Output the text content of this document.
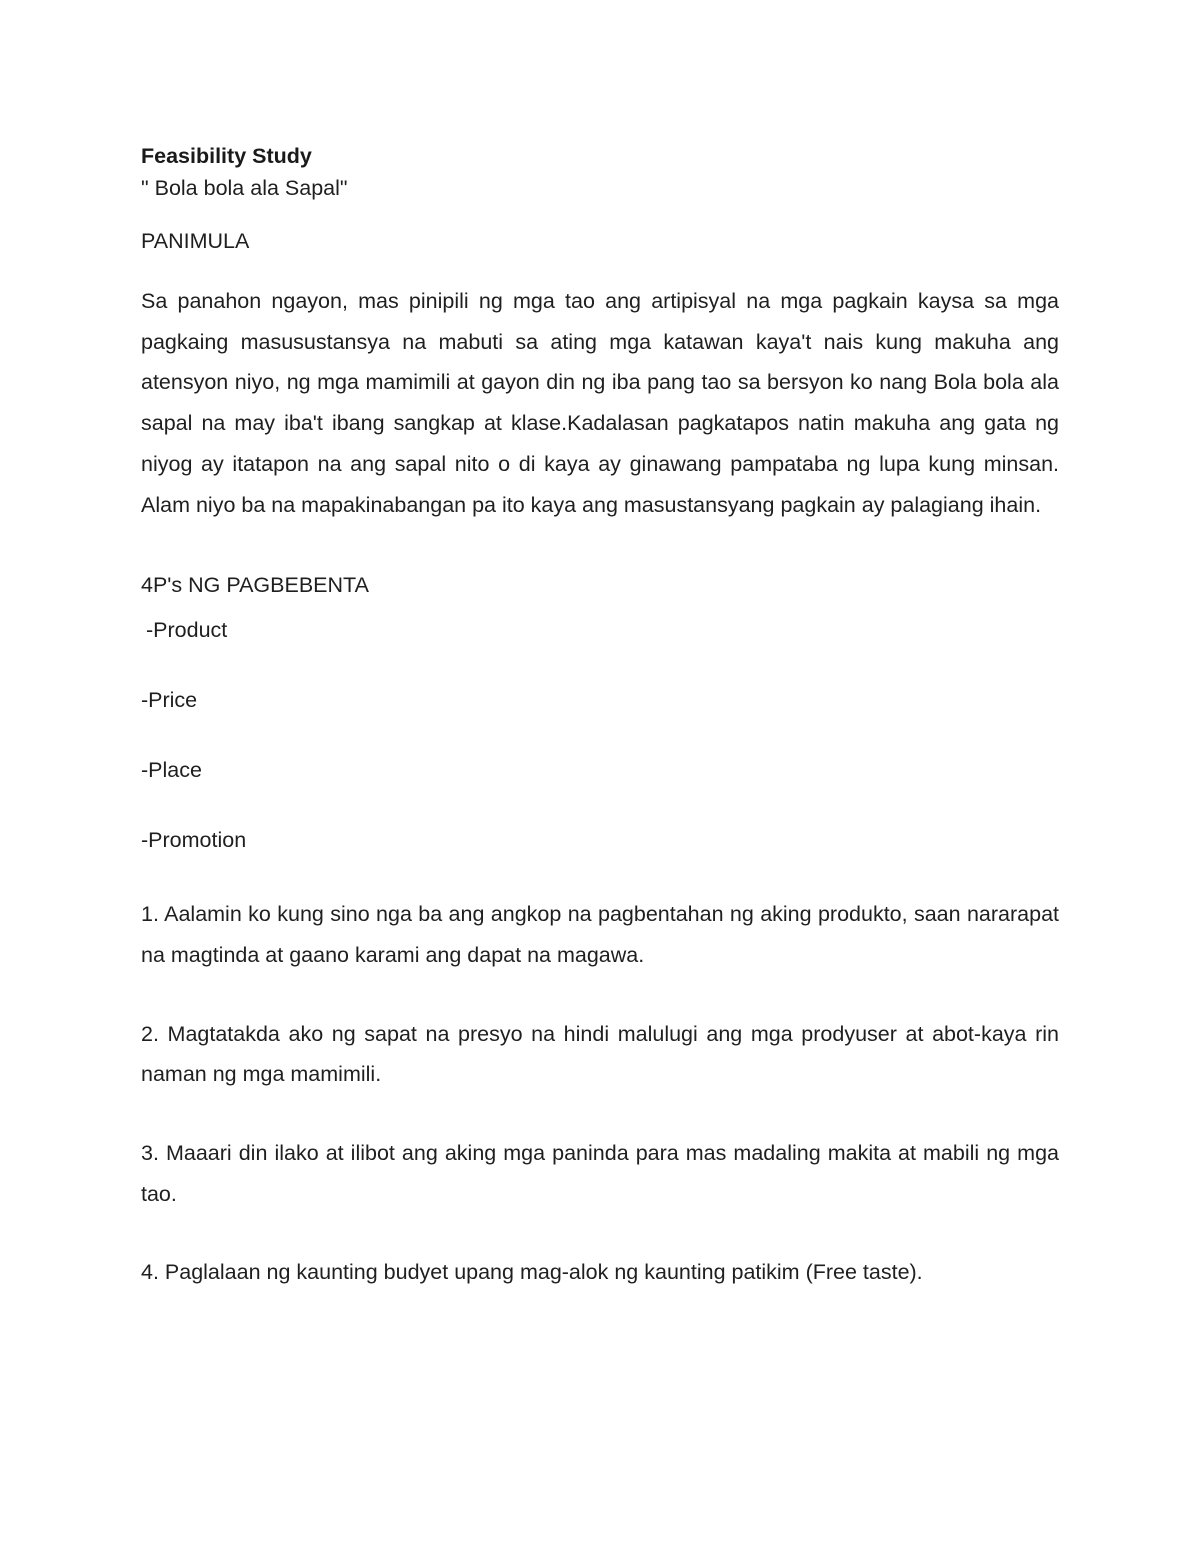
Feasibility Study

" Bola bola ala Sapal"

PANIMULA

Sa panahon ngayon, mas pinipili ng mga tao ang artipisyal na mga pagkain kaysa sa mga pagkaing masusustansya na mabuti sa ating mga katawan kaya't nais kung makuha ang atensyon niyo, ng mga mamimili at gayon din ng iba pang tao sa bersyon ko nang Bola bola ala sapal na may iba't ibang sangkap at klase.Kadalasan pagkatapos natin makuha ang gata ng niyog ay itatapon na ang sapal nito o di kaya ay ginawang pampataba ng lupa kung minsan. Alam niyo ba na mapakinabangan pa ito kaya ang masustansyang pagkain ay palagiang ihain.

4P's NG PAGBEBENTA

-Product
-Price
-Place
-Promotion

1. Aalamin ko kung sino nga ba ang angkop na pagbentahan ng aking produkto, saan nararapat na magtinda at gaano karami ang dapat na magawa.

2. Magtatakda ako ng sapat na presyo na hindi malulugi ang mga prodyuser at abot-kaya rin naman ng mga mamimili.

3. Maaari din ilako at ilibot ang aking mga paninda para mas madaling makita at mabili ng mga tao.

4. Paglalaan ng kaunting budyet upang mag-alok ng kaunting patikim (Free taste).
